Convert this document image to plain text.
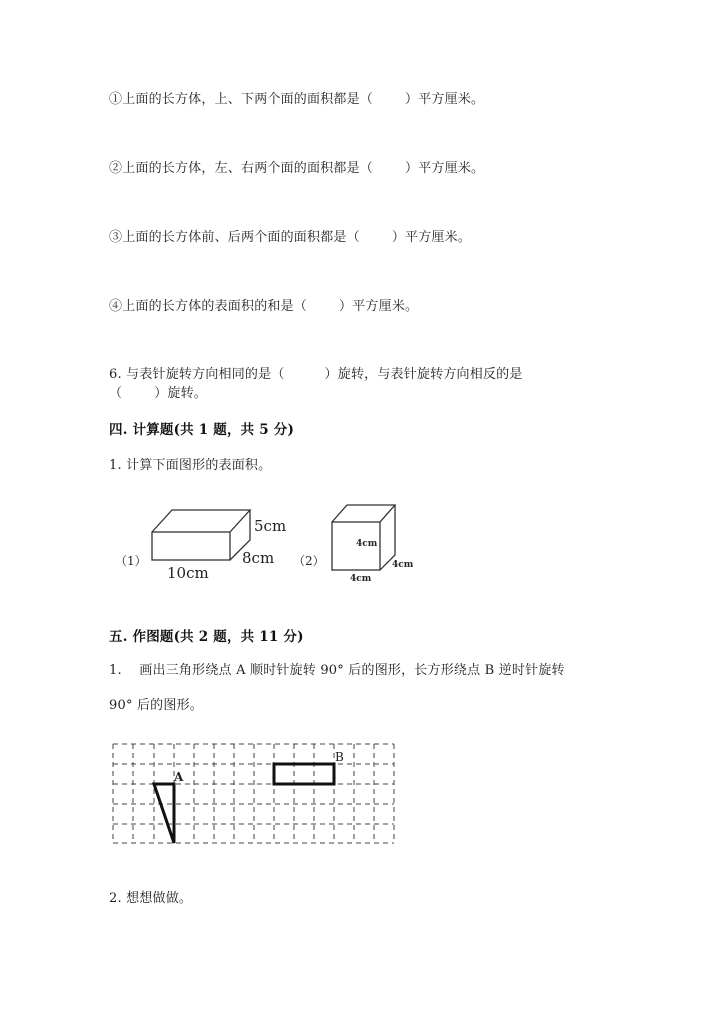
①上面的长方体，上、下两个面的面积都是（ ）平方厘米。
②上面的长方体，左、右两个面的面积都是（ ）平方厘米。
③上面的长方体前、后两个面的面积都是（ ）平方厘米。
④上面的长方体的表面积的和是（ ）平方厘米。
6. 与表针旋转方向相同的是（	）旋转，与表针旋转方向相反的是
（ ）旋转。
四. 计算题(共 1 题，共 5 分)
1. 计算下面图形的表面积。
（1）
5cm
8cm
10cm
（2）
4cm
4cm
4cm
五. 作图题(共 2 题，共 11 分)
1.　 画出三角形绕点 A 顺时针旋转 90° 后的图形，长方形绕点 B 逆时针旋转
90° 后的图形。
A
B
2. 想想做做。
